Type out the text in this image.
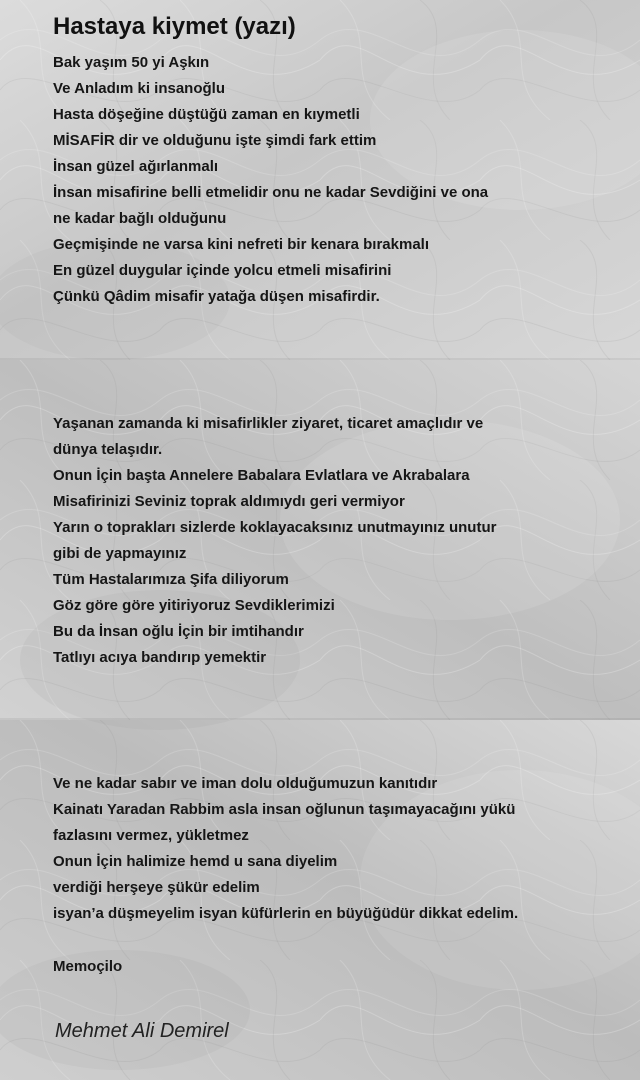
Hastaya kiymet (yazı)
Bak yaşım 50 yi Aşkın
Ve Anladım ki insanoğlu
Hasta döşeğine düştüğü zaman en kıymetli
MİSAFİR dir ve olduğunu işte şimdi fark ettim
İnsan güzel ağırlanmalı
İnsan misafirine belli etmelidir onu ne kadar Sevdiğini ve ona
ne kadar bağlı olduğunu
Geçmişinde ne varsa kini nefreti bir kenara bırakmalı
En güzel duygular içinde yolcu etmeli misafirini
Çünkü Qâdim misafir yatağa düşen misafirdir.
Yaşanan zamanda ki misafirlikler ziyaret, ticaret amaçlıdır ve
dünya telaşıdır.
Onun İçin başta Annelere Babalara Evlatlara ve Akrabalara
Misafirinizi Seviniz toprak aldımıydı geri vermiyor
Yarın o toprakları sizlerde koklayacaksınız unutmayınız unutur
gibi de yapmayınız
Tüm Hastalarımıza Şifa diliyorum
Göz göre göre yitiriyoruz Sevdiklerimizi
Bu da İnsan oğlu İçin bir imtihandır
Tatlıyı acıya bandırıp yemektir
Ve ne kadar sabır ve iman dolu olduğumuzun kanıtıdır
Kainatı Yaradan Rabbim asla insan oğlunun taşımayacağını yükü
fazlasını vermez, yükletmez
Onun İçin halimize hemd u sana diyelim
verdiği herşeye şükür edelim
isyan’a düşmeyelim isyan küfürlerin en büyüğüdür dikkat edelim.
Memoçilo
Mehmet Ali Demirel
